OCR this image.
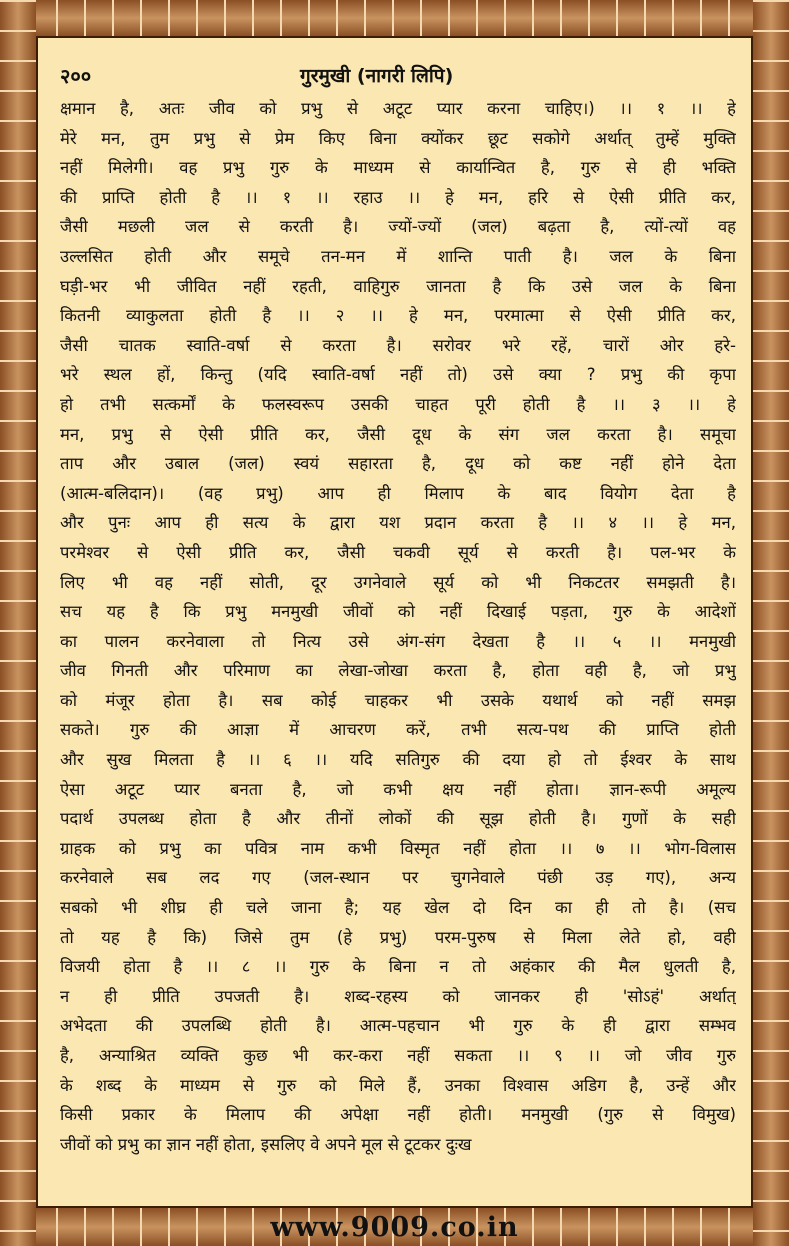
२००	गुरमुखी (नागरी लिपि)
क्षमान है, अतः जीव को प्रभु से अटूट प्यार करना चाहिए।) ।। १ ।। हे
मेरे मन, तुम प्रभु से प्रेम किए बिना क्योंकर छूट सकोगे अर्थात् तुम्हें मुक्ति
नहीं मिलेगी। वह प्रभु गुरु के माध्यम से कार्यान्वित है, गुरु से ही भक्ति
की प्राप्ति होती है ।। १ ।। रहाउ ।। हे मन, हरि से ऐसी प्रीति कर,
जैसी मछली जल से करती है। ज्यों-ज्यों (जल) बढ़ता है, त्यों-त्यों वह
उल्लसित होती और समूचे तन-मन में शान्ति पाती है। जल के बिना
घड़ी-भर भी जीवित नहीं रहती, वाहिगुरु जानता है कि उसे जल के बिना
कितनी व्याकुलता होती है ।। २ ।। हे मन, परमात्मा से ऐसी प्रीति कर,
जैसी चातक स्वाति-वर्षा से करता है। सरोवर भरे रहें, चारों ओर हरे-
भरे स्थल हों, किन्तु (यदि स्वाति-वर्षा नहीं तो) उसे क्या ? प्रभु की कृपा
हो तभी सत्कर्मों के फलस्वरूप उसकी चाहत पूरी होती है ।। ३ ।। हे
मन, प्रभु से ऐसी प्रीति कर, जैसी दूध के संग जल करता है। समूचा
ताप और उबाल (जल) स्वयं सहारता है, दूध को कष्ट नहीं होने देता
(आत्म-बलिदान)। (वह प्रभु) आप ही मिलाप के बाद वियोग देता है
और पुनः आप ही सत्य के द्वारा यश प्रदान करता है ।। ४ ।। हे मन,
परमेश्वर से ऐसी प्रीति कर, जैसी चकवी सूर्य से करती है। पल-भर के
लिए भी वह नहीं सोती, दूर उगनेवाले सूर्य को भी निकटतर समझती है।
सच यह है कि प्रभु मनमुखी जीवों को नहीं दिखाई पड़ता, गुरु के आदेशों
का पालन करनेवाला तो नित्य उसे अंग-संग देखता है ।। ५ ।। मनमुखी
जीव गिनती और परिमाण का लेखा-जोखा करता है, होता वही है, जो प्रभु
को मंजूर होता है। सब कोई चाहकर भी उसके यथार्थ को नहीं समझ
सकते। गुरु की आज्ञा में आचरण करें, तभी सत्य-पथ की प्राप्ति होती
और सुख मिलता है ।। ६ ।। यदि सतिगुरु की दया हो तो ईश्वर के साथ
ऐसा अटूट प्यार बनता है, जो कभी क्षय नहीं होता। ज्ञान-रूपी अमूल्य
पदार्थ उपलब्ध होता है और तीनों लोकों की सूझ होती है। गुणों के सही
ग्राहक को प्रभु का पवित्र नाम कभी विस्मृत नहीं होता ।। ७ ।। भोग-विलास
करनेवाले सब लद गए (जल-स्थान पर चुगनेवाले पंछी उड़ गए), अन्य
सबको भी शीघ्र ही चले जाना है; यह खेल दो दिन का ही तो है। (सच
तो यह है कि) जिसे तुम (हे प्रभु) परम-पुरुष से मिला लेते हो, वही
विजयी होता है ।। ८ ।। गुरु के बिना न तो अहंकार की मैल धुलती है,
न ही प्रीति उपजती है। शब्द-रहस्य को जानकर ही 'सोऽहं' अर्थात्
अभेदता की उपलब्धि होती है। आत्म-पहचान भी गुरु के ही द्वारा सम्भव
है, अन्याश्रित व्यक्ति कुछ भी कर-करा नहीं सकता ।। ९ ।। जो जीव गुरु
के शब्द के माध्यम से गुरु को मिले हैं, उनका विश्वास अडिग है, उन्हें और
किसी प्रकार के मिलाप की अपेक्षा नहीं होती। मनमुखी (गुरु से विमुख)
जीवों को प्रभु का ज्ञान नहीं होता, इसलिए वे अपने मूल से टूटकर दुःख
www.9009.co.in
